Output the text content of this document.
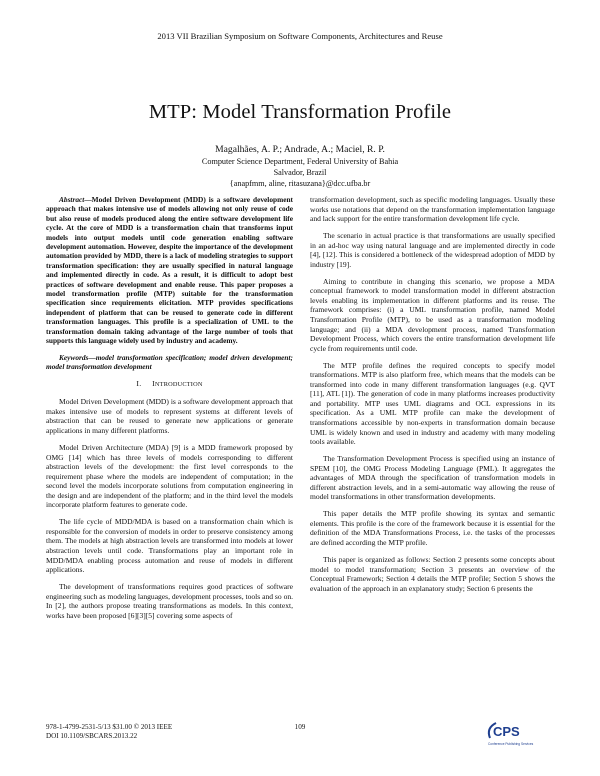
2013 VII Brazilian Symposium on Software Components, Architectures and Reuse
MTP: Model Transformation Profile
Magalhães, A. P.; Andrade, A.; Maciel, R. P.
Computer Science Department, Federal University of Bahia
Salvador, Brazil
{anapfmm, aline, ritasuzana}@dcc.ufba.br

Abstract—Model Driven Development (MDD) is a software development approach that makes intensive use of models allowing not only reuse of code but also reuse of models produced along the entire software development life cycle. At the core of MDD is a transformation chain that transforms input models into output models until code generation enabling software development automation. However, despite the importance of the development automation provided by MDD, there is a lack of modeling strategies to support transformation specification: they are usually specified in natural language and implemented directly in code. As a result, it is difficult to adopt best practices of software development and enable reuse. This paper proposes a model transformation profile (MTP) suitable for the transformation specification since requirements elicitation. MTP provides specifications independent of platform that can be reused to generate code in different transformation languages. This profile is a specialization of UML to the transformation domain taking advantage of the large number of tools that supports this language widely used by industry and academy.

Keywords—model transformation specification; model driven development; model transformation development

I. INTRODUCTION

Model Driven Development (MDD) is a software development approach that makes intensive use of models to represent systems at different levels of abstraction that can be reused to generate new applications or generate applications in many different platforms.

Model Driven Architecture (MDA) [9] is a MDD framework proposed by OMG [14] which has three levels of models corresponding to different abstraction levels of the development: the first level corresponds to the requirement phase where the models are independent of computation; in the second level the models incorporate solutions from computation engineering in the design and are independent of the platform; and in the third level the models incorporate platform features to generate code.

The life cycle of MDD/MDA is based on a transformation chain which is responsible for the conversion of models in order to preserve consistency among them. The models at high abstraction levels are transformed into models at lower abstraction levels until code. Transformations play an important role in MDD/MDA enabling process automation and reuse of models in different applications.

The development of transformations requires good practices of software engineering such as modeling languages, development processes, tools and so on. In [2], the authors propose treating transformations as models. In this context, works have been proposed [6][3][5] covering some aspects of

transformation development, such as specific modeling languages. Usually these works use notations that depend on the transformation implementation language and lack support for the entire transformation development life cycle.

The scenario in actual practice is that transformations are usually specified in an ad-hoc way using natural language and are implemented directly in code [4], [12]. This is considered a bottleneck of the widespread adoption of MDD by industry [19].

Aiming to contribute in changing this scenario, we propose a MDA conceptual framework to model transformation model in different abstraction levels enabling its implementation in different platforms and its reuse. The framework comprises: (i) a UML transformation profile, named Model Transformation Profile (MTP), to be used as a transformation modeling language; and (ii) a MDA development process, named Transformation Development Process, which covers the entire transformation development life cycle from requirements until code.

The MTP profile defines the required concepts to specify model transformations. MTP is also platform free, which means that the models can be transformed into code in many different transformation languages (e.g. QVT [11], ATL [1]). The generation of code in many platforms increases productivity and portability. MTP uses UML diagrams and OCL expressions in its specification. As a UML MTP profile can make the development of transformations accessible by non-experts in transformation domain because UML is widely known and used in industry and academy with many modeling tools available.

The Transformation Development Process is specified using an instance of SPEM [10], the OMG Process Modeling Language (PML). It aggregates the advantages of MDA through the specification of transformation models in different abstraction levels, and in a semi-automatic way allowing the reuse of model transformations in other transformation developments.

This paper details the MTP profile showing its syntax and semantic elements. This profile is the core of the framework because it is essential for the definition of the MDA Transformations Process, i.e. the tasks of the processes are defined according the MTP profile.

This paper is organized as follows: Section 2 presents some concepts about model to model transformation; Section 3 presents an overview of the Conceptual Framework; Section 4 details the MTP profile; Section 5 shows the evaluation of the approach in an explanatory study; Section 6 presents the

978-1-4799-2531-5/13 $31.00 © 2013 IEEE
DOI 10.1109/SBCARS.2013.22
109	CPS
Conference Publishing Services
